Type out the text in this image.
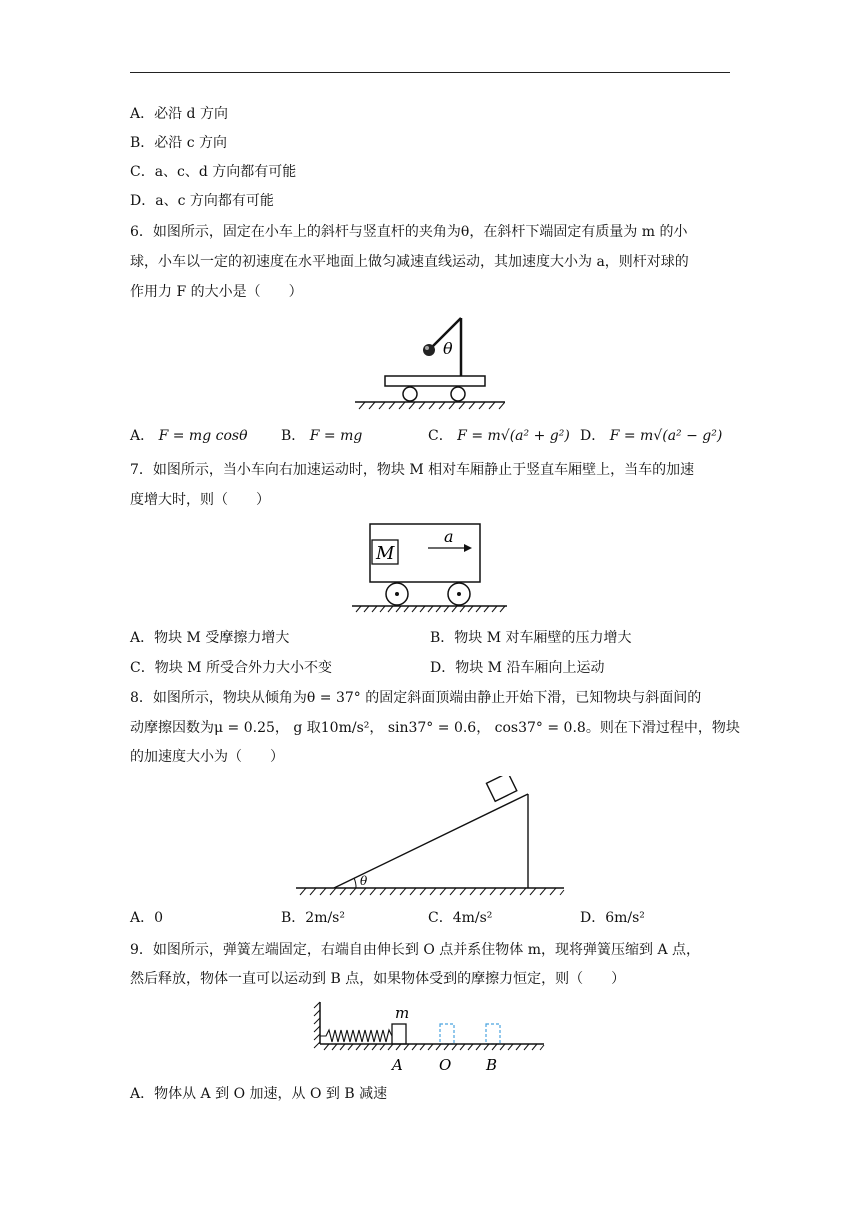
A．必沿 d 方向
B．必沿 c 方向
C．a、c、d 方向都有可能
D．a、c 方向都有可能
6．如图所示，固定在小车上的斜杆与竖直杆的夹角为θ，在斜杆下端固定有质量为 m 的小
球，小车以一定的初速度在水平地面上做匀减速直线运动，其加速度大小为 a，则杆对球的
作用力 F 的大小是（　　）
θ
A． F = mg cosθ B． F = mg	C． F = m√(a² + g²) D． F = m√(a² − g²)
7．如图所示，当小车向右加速运动时，物块 M 相对车厢静止于竖直车厢壁上，当车的加速
度增大时，则（　　）
M
a
A．物块 M 受摩擦力增大	B．物块 M 对车厢壁的压力增大
C．物块 M 所受合外力大小不变	D．物块 M 沿车厢向上运动
8．如图所示，物块从倾角为θ = 37° 的固定斜面顶端由静止开始下滑，已知物块与斜面间的
动摩擦因数为μ = 0.25， g 取10m/s²， sin37° = 0.6， cos37° = 0.8。则在下滑过程中，物块
的加速度大小为（　　）
θ
A．0	B．2m/s²	C．4m/s²	D．6m/s²
9．如图所示，弹簧左端固定，右端自由伸长到 O 点并系住物体 m，现将弹簧压缩到 A 点，
然后释放，物体一直可以运动到 B 点，如果物体受到的摩擦力恒定，则（　　）
m
A O B
A．物体从 A 到 O 加速，从 O 到 B 减速
